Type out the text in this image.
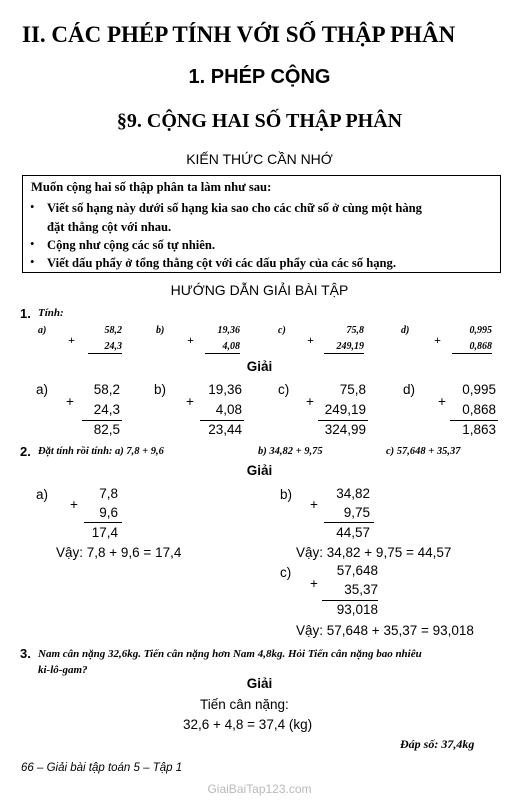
II. CÁC PHÉP TÍNH VỚI SỐ THẬP PHÂN
1. PHÉP CỘNG
§9. CỘNG HAI SỐ THẬP PHÂN
KIẾN THỨC CẦN NHỚ
Muốn cộng hai số thập phân ta làm như sau:
• Viết số hạng này dưới số hạng kia sao cho các chữ số ở cùng một hàng
đặt thẳng cột với nhau.
• Cộng như cộng các số tự nhiên.
• Viết dấu phẩy ở tổng thẳng cột với các dấu phẩy của các số hạng.
HƯỚNG DẪN GIẢI BÀI TẬP
1. Tính:
a)
+
58,2
24,3
b)
+
19,36
4,08
c)
+
75,8
249,19
d)
+
0,995
0,868
Giải
a)
+
58,2
24,3
82,5
b)
+
19,36
4,08
23,44
c)
+
75,8
249,19
324,99
d)
+
0,995
0,868
1,863
2. Đặt tính rồi tính: a) 7,8 + 9,6	b) 34,82 + 9,75	c) 57,648 + 35,37
Giải
a)
+
7,8
9,6
17,4
Vậy: 7,8 + 9,6 = 17,4
b)
+
34,82
9,75
44,57
Vậy: 34,82 + 9,75 = 44,57
c)
+
57,648
35,37
93,018
Vậy: 57,648 + 35,37 = 93,018
3. Nam cân nặng 32,6kg. Tiến cân nặng hơn Nam 4,8kg. Hỏi Tiến cân nặng bao nhiêu
ki-lô-gam?
Giải
Tiến cân nặng:
32,6 + 4,8 = 37,4 (kg)
Đáp số: 37,4kg
66 – Giải bài tập toán 5 – Tập 1
GiaiBaiTap123.com
